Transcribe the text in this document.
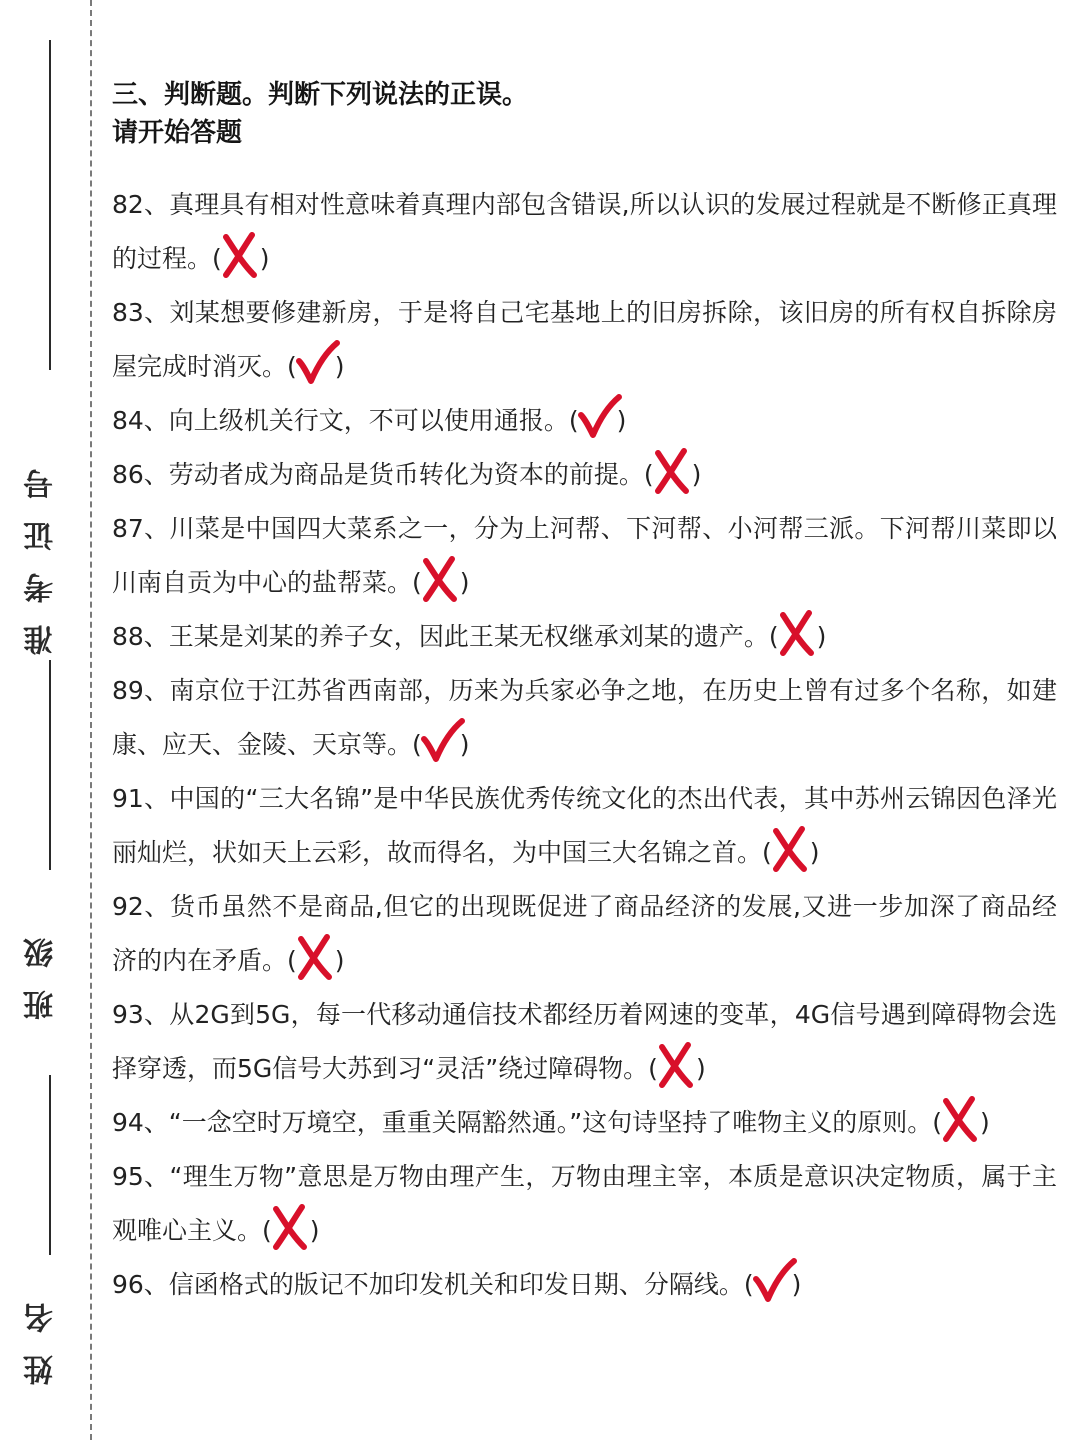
准考证号
班级
姓名
三、判断题。判断下列说法的正误。
请开始答题
82、真理具有相对性意味着真理内部包含错误,所以认识的发展过程就是不断修正真理的过程。( )
83、刘某想要修建新房，于是将自己宅基地上的旧房拆除，该旧房的所有权自拆除房屋完成时消灭。( )
84、向上级机关行文，不可以使用通报。( )
86、劳动者成为商品是货币转化为资本的前提。( )
87、川菜是中国四大菜系之一，分为上河帮、下河帮、小河帮三派。下河帮川菜即以川南自贡为中心的盐帮菜。( )
88、王某是刘某的养子女，因此王某无权继承刘某的遗产。( )
89、南京位于江苏省西南部，历来为兵家必争之地，在历史上曾有过多个名称，如建康、应天、金陵、天京等。( )
91、中国的“三大名锦”是中华民族优秀传统文化的杰出代表，其中苏州云锦因色泽光丽灿烂，状如天上云彩，故而得名，为中国三大名锦之首。( )
92、货币虽然不是商品,但它的出现既促进了商品经济的发展,又进一步加深了商品经济的内在矛盾。( )
93、从2G到5G，每一代移动通信技术都经历着网速的变革，4G信号遇到障碍物会选择穿透，而5G信号大苏到习“灵活”绕过障碍物。( )
94、“一念空时万境空，重重关隔豁然通。”这句诗坚持了唯物主义的原则。( )
95、“理生万物”意思是万物由理产生，万物由理主宰，本质是意识决定物质，属于主观唯心主义。( )
96、信函格式的版记不加印发机关和印发日期、分隔线。( )
